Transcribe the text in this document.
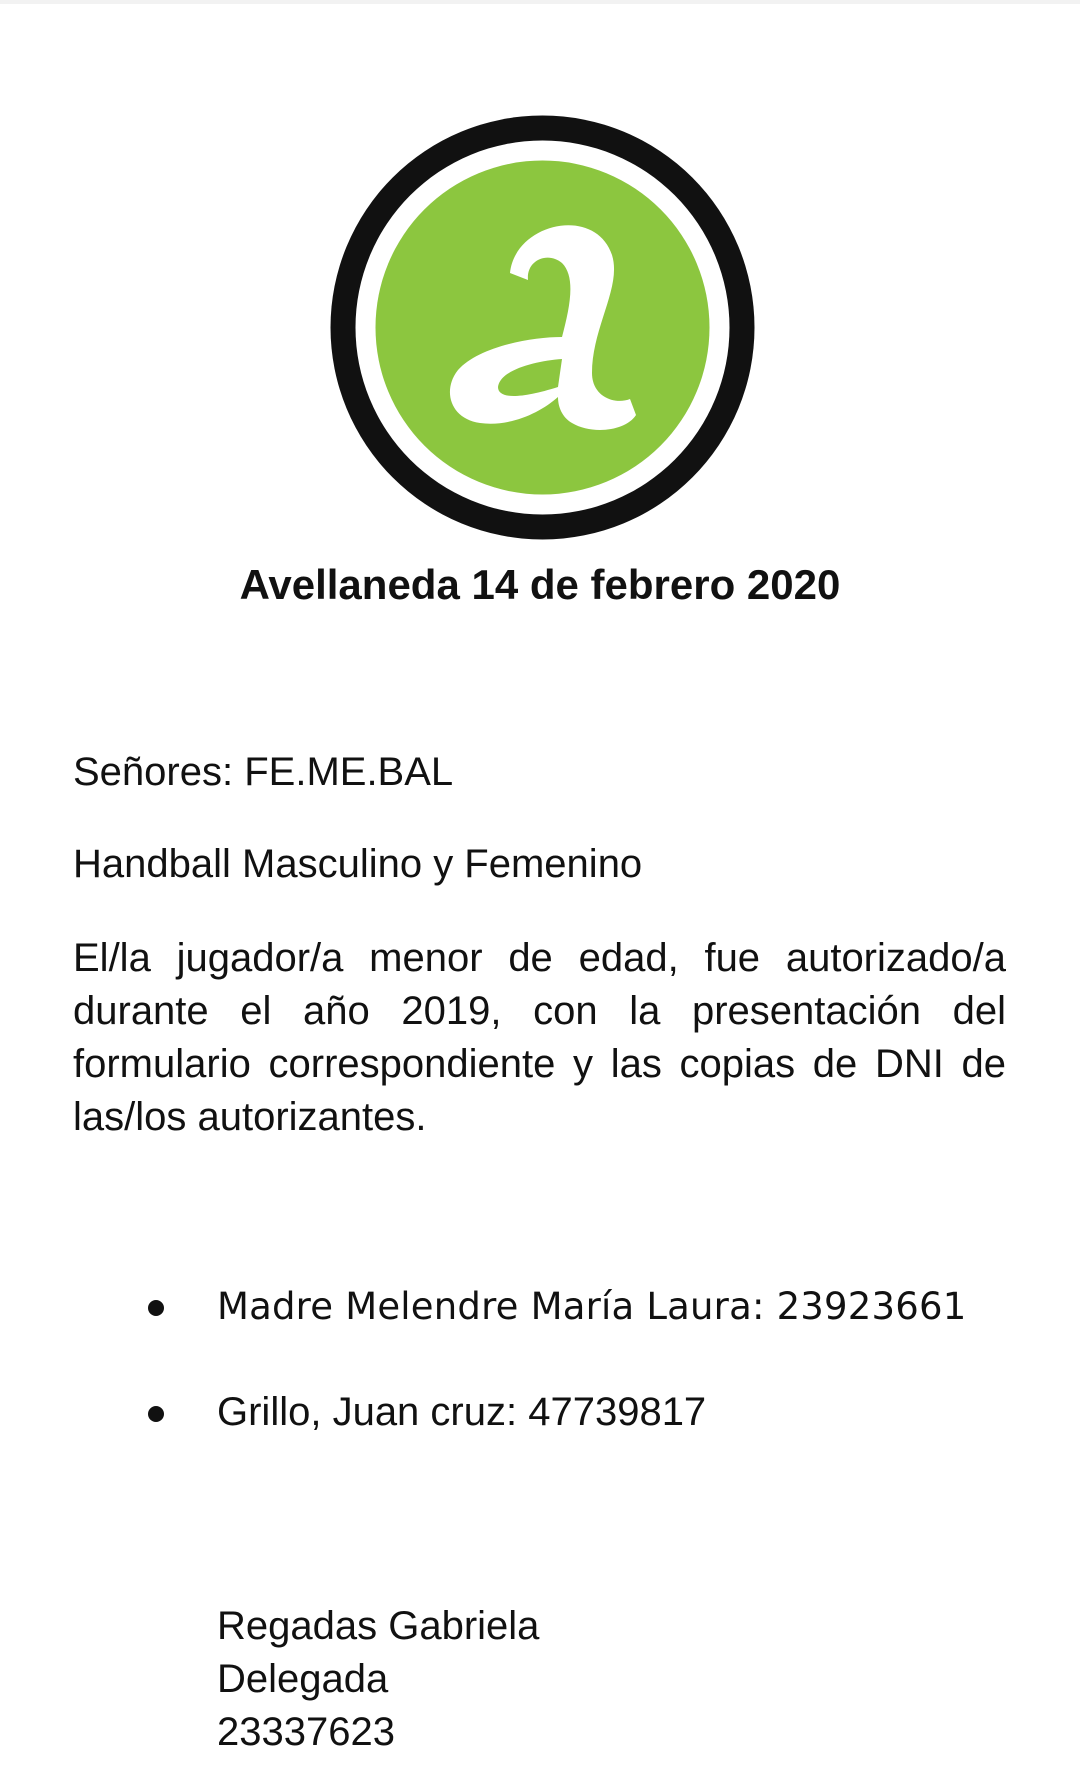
Avellaneda 14 de febrero 2020
Señores: FE.ME.BAL
Handball Masculino y Femenino
El/la jugador/a menor de edad, fue autorizado/a durante el año 2019, con la presentación del formulario correspondiente y las copias de DNI de las/los autorizantes.
Madre Melendre María Laura: 23923661
Grillo, Juan cruz: 47739817
Regadas Gabriela
Delegada
23337623
